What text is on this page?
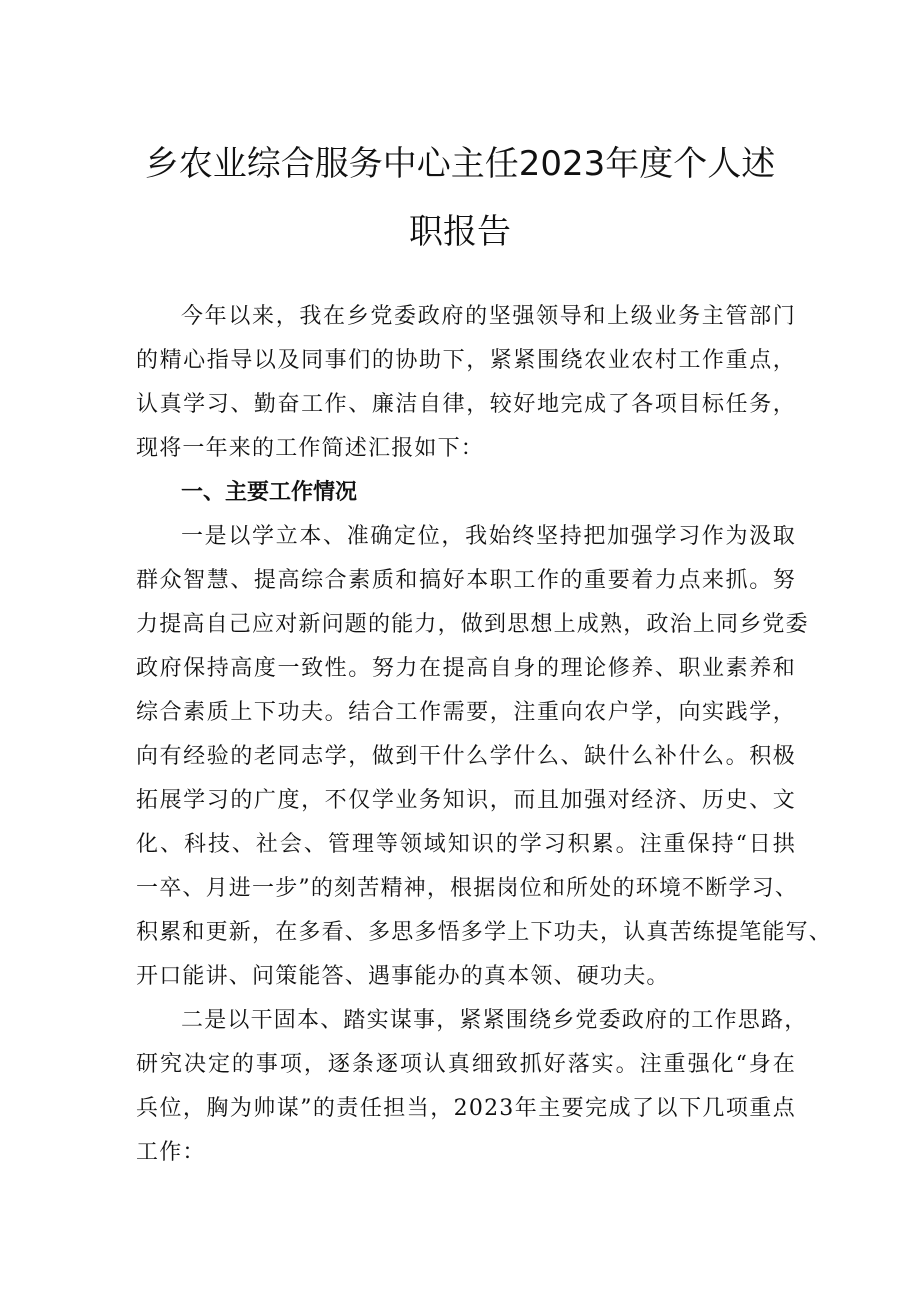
乡农业综合服务中心主任2023年度个人述
职报告
今年以来，我在乡党委政府的坚强领导和上级业务主管部门
的精心指导以及同事们的协助下，紧紧围绕农业农村工作重点，
认真学习、勤奋工作、廉洁自律，较好地完成了各项目标任务，
现将一年来的工作简述汇报如下：
一、主要工作情况
一是以学立本、准确定位，我始终坚持把加强学习作为汲取
群众智慧、提高综合素质和搞好本职工作的重要着力点来抓。努
力提高自己应对新问题的能力，做到思想上成熟，政治上同乡党委
政府保持高度一致性。努力在提高自身的理论修养、职业素养和
综合素质上下功夫。结合工作需要，注重向农户学，向实践学，
向有经验的老同志学，做到干什么学什么、缺什么补什么。积极
拓展学习的广度，不仅学业务知识，而且加强对经济、历史、文
化、科技、社会、管理等领域知识的学习积累。注重保持“日拱
一卒、月进一步”的刻苦精神，根据岗位和所处的环境不断学习、
积累和更新，在多看、多思多悟多学上下功夫，认真苦练提笔能写、
开口能讲、问策能答、遇事能办的真本领、硬功夫。
二是以干固本、踏实谋事，紧紧围绕乡党委政府的工作思路，
研究决定的事项，逐条逐项认真细致抓好落实。注重强化“身在
兵位，胸为帅谋”的责任担当，2023年主要完成了以下几项重点
工作：
